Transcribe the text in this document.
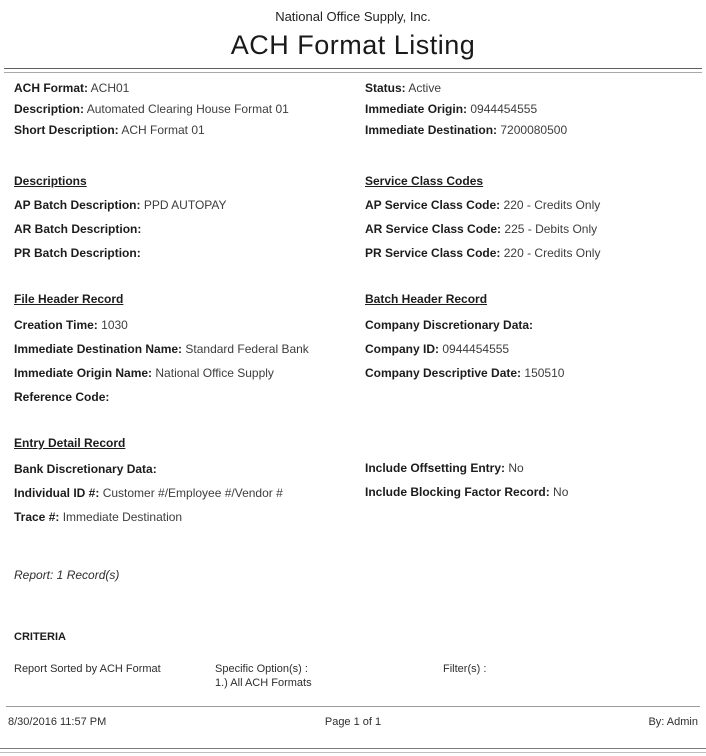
National Office Supply, Inc.
ACH Format Listing
ACH Format: ACH01
Description: Automated Clearing House Format 01
Short Description: ACH Format 01
Status: Active
Immediate Origin: 0944454555
Immediate Destination: 7200080500
Descriptions
AP Batch Description: PPD AUTOPAY
AR Batch Description:
PR Batch Description:
Service Class Codes
AP Service Class Code: 220 - Credits Only
AR Service Class Code: 225 - Debits Only
PR Service Class Code: 220 - Credits Only
File Header Record
Creation Time: 1030
Immediate Destination Name: Standard Federal Bank
Immediate Origin Name: National Office Supply
Reference Code:
Batch Header Record
Company Discretionary Data:
Company ID: 0944454555
Company Descriptive Date: 150510
Entry Detail Record
Bank Discretionary Data:
Individual ID #: Customer #/Employee #/Vendor #
Trace #: Immediate Destination
Include Offsetting Entry: No
Include Blocking Factor Record: No
Report: 1 Record(s)
CRITERIA
Report Sorted by ACH Format	Specific Option(s) :
1.) All ACH Formats
Filter(s) :
8/30/2016 11:57 PM	Page 1 of 1	By: Admin
